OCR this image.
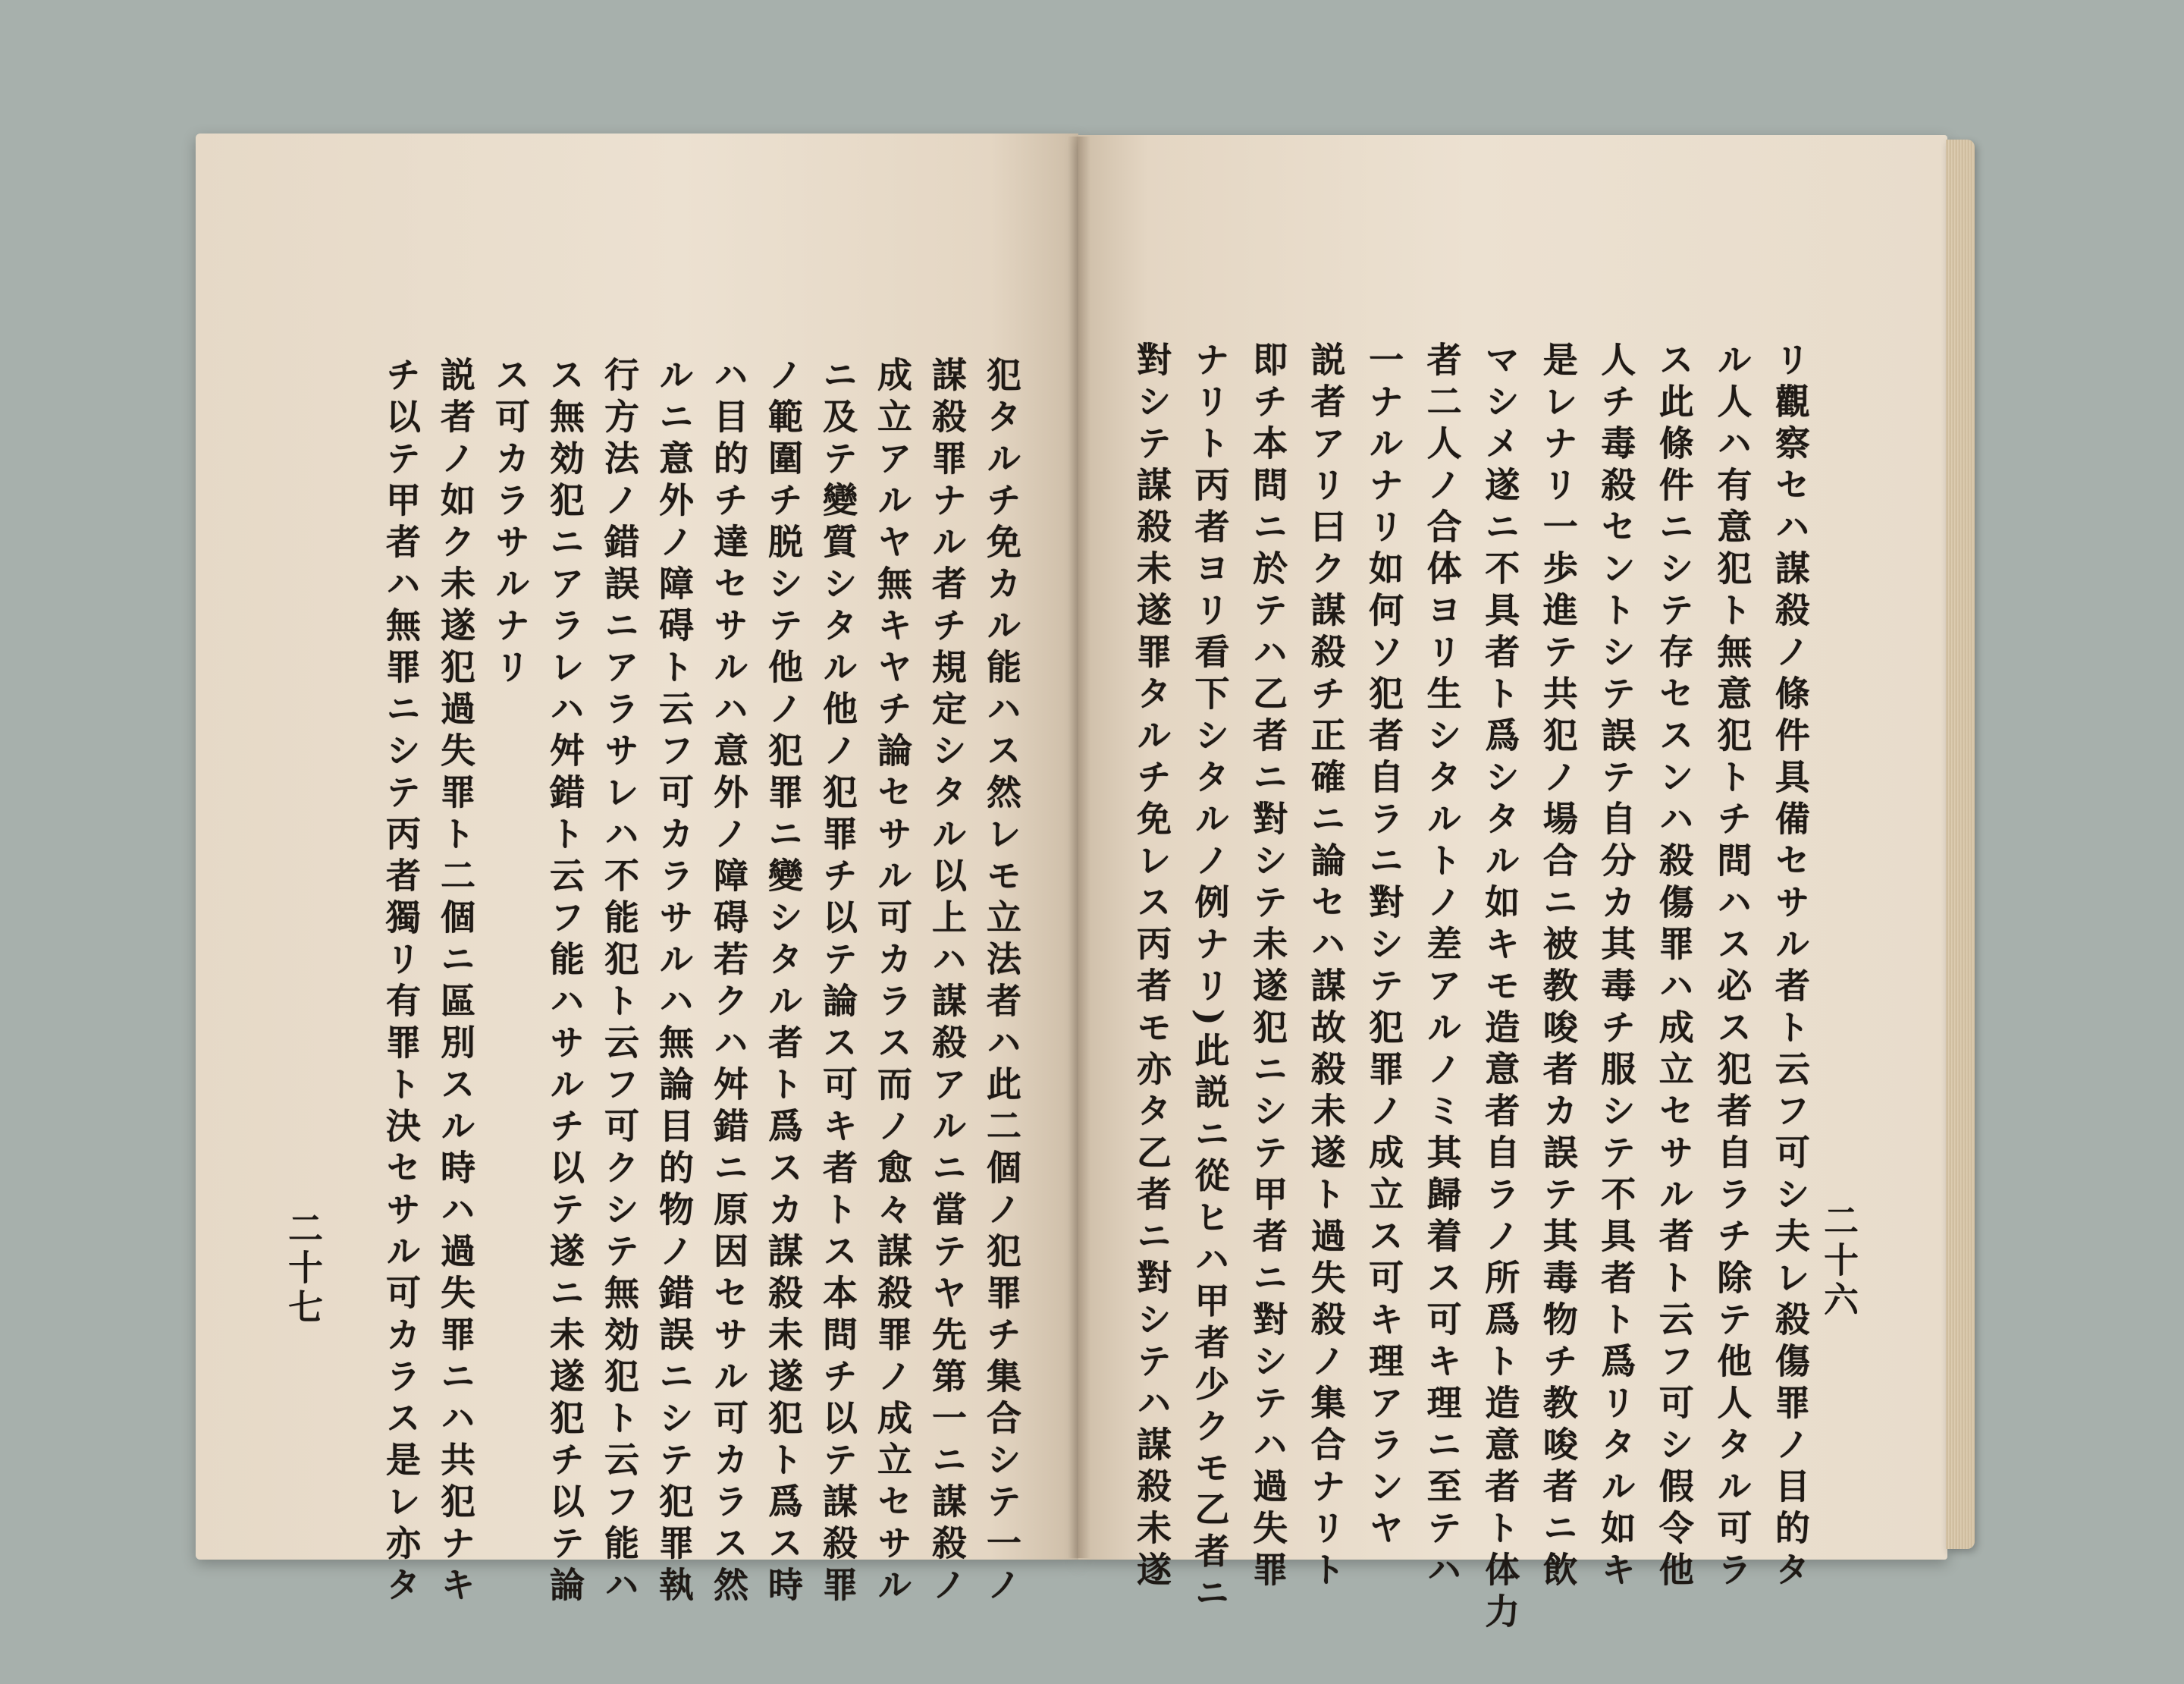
犯タルチ免カル能ハス然レモ立法者ハ此二個ノ犯罪チ集合シテ一ノ
謀殺罪ナル者チ規定シタル以上ハ謀殺アルニ當テヤ先第一ニ謀殺ノ
成立アルヤ無キヤチ論セサル可カラス而ノ愈々謀殺罪ノ成立セサル
ニ及テ變質シタル他ノ犯罪チ以テ論ス可キ者トス本問チ以テ謀殺罪
ノ範圍チ脱シテ他ノ犯罪ニ變シタル者ト爲スカ謀殺未遂犯ト爲ス時
ハ目的チ達セサルハ意外ノ障碍若クハ舛錯ニ原因セサル可カラス然
ルニ意外ノ障碍ト云フ可カラサルハ無論目的物ノ錯誤ニシテ犯罪執
行方法ノ錯誤ニアラサレハ不能犯ト云フ可クシテ無効犯ト云フ能ハ
ス無効犯ニアラレハ舛錯ト云フ能ハサルチ以テ遂ニ未遂犯チ以テ論
ス可カラサルナリ
説者ノ如ク未遂犯過失罪ト二個ニ區別スル時ハ過失罪ニハ共犯ナキ
チ以テ甲者ハ無罪ニシテ丙者獨リ有罪ト決セサル可カラス是レ亦タ
二十七	リ觀察セハ謀殺ノ條件具備セサル者ト云フ可シ夫レ殺傷罪ノ目的タ
ル人ハ有意犯ト無意犯トチ問ハス必ス犯者自ラチ除テ他人タル可ラ
ス此條件ニシテ存セスンハ殺傷罪ハ成立セサル者ト云フ可シ假令他
人チ毒殺セントシテ誤テ自分カ其毒チ服シテ不具者ト爲リタル如キ
是レナリ一歩進テ共犯ノ場合ニ被教唆者カ誤テ其毒物チ教唆者ニ飲
マシメ遂ニ不具者ト爲シタル如キモ造意者自ラノ所爲ト造意者ト体力
者二人ノ合体ヨリ生シタルトノ差アルノミ其歸着ス可キ理ニ至テハ
一ナルナリ如何ソ犯者自ラニ對シテ犯罪ノ成立ス可キ理アランヤ
説者アリ曰ク謀殺チ正確ニ論セハ謀故殺未遂ト過失殺ノ集合ナリト
即チ本問ニ於テハ乙者ニ對シテ未遂犯ニシテ甲者ニ對シテハ過失罪
ナリト丙者ヨリ看下シタルノ例ナリ)此説ニ從ヒハ甲者少クモ乙者ニ
對シテ謀殺未遂罪タルチ免レス丙者モ亦タ乙者ニ對シテハ謀殺未遂	二十六
